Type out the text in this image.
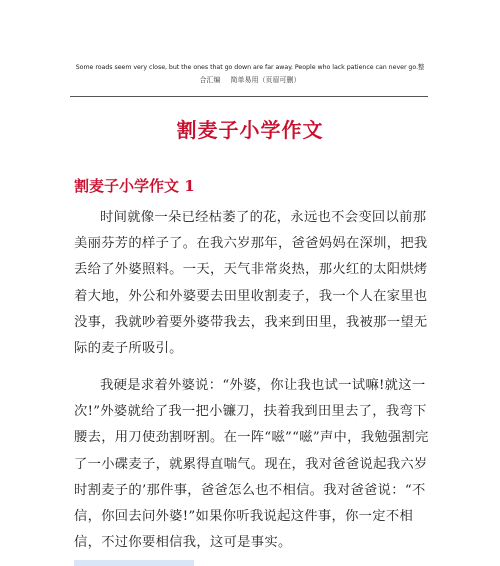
Some roads seem very close, but the ones that go down are far away. People who lack patience can never go.整
合汇编 简单易用（页眉可删）
割麦子小学作文
割麦子小学作文 1

时间就像一朵已经枯萎了的花，永远也不会变回以前那美丽芬芳的样子了。在我六岁那年，爸爸妈妈在深圳，把我丢给了外婆照料。一天，天气非常炎热，那火红的太阳烘烤着大地，外公和外婆要去田里收割麦子，我一个人在家里也没事，我就吵着要外婆带我去，我来到田里，我被那一望无际的麦子所吸引。

我硬是求着外婆说：“外婆，你让我也试一试嘛!就这一次!”外婆就给了我一把小镰刀，扶着我到田里去了，我弯下腰去，用刀使劲割呀割。在一阵“嗞”“嗞”声中，我勉强割完了一小碟麦子，就累得直喘气。现在，我对爸爸说起我六岁时割麦子的’那件事，爸爸怎么也不相信。我对爸爸说：“不信，你回去问外婆!”如果你听我说起这件事，你一定不相信，不过你要相信我，这可是事实。
